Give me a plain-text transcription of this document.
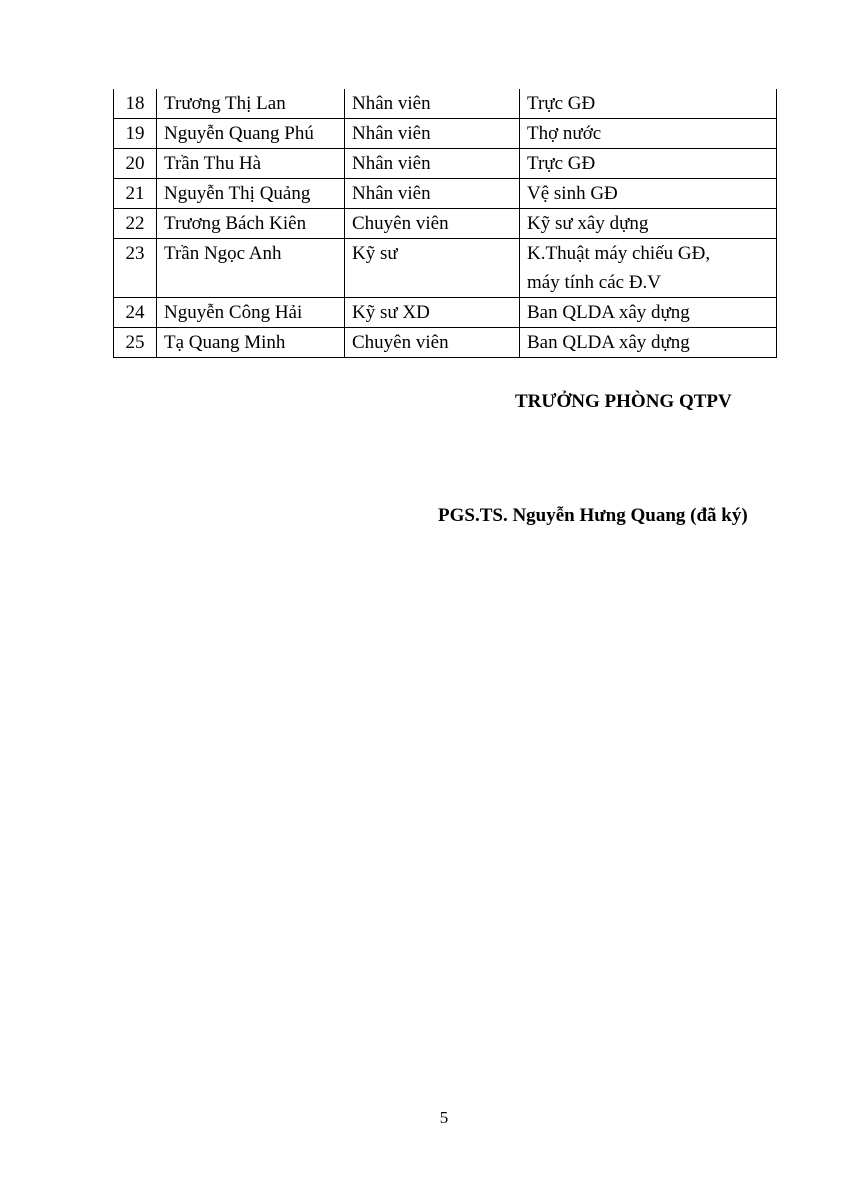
18	Trương Thị Lan	Nhân viên	Trực GĐ

19	Nguyễn Quang Phú	Nhân viên	Thợ nước

20	Trần Thu Hà	Nhân viên	Trực GĐ

21	Nguyễn Thị Quảng	Nhân viên	Vệ sinh GĐ

22	Trương Bách Kiên	Chuyên viên	Kỹ sư xây dựng

23	Trần Ngọc Anh	Kỹ sư	K.Thuật máy chiếu GĐ,
máy tính các Đ.V

24	Nguyễn Công Hải	Kỹ sư XD	Ban QLDA xây dựng

25	Tạ Quang Minh	Chuyên viên	Ban QLDA xây dựng
TRƯỞNG PHÒNG QTPV
PGS.TS. Nguyễn Hưng Quang (đã ký)
5
